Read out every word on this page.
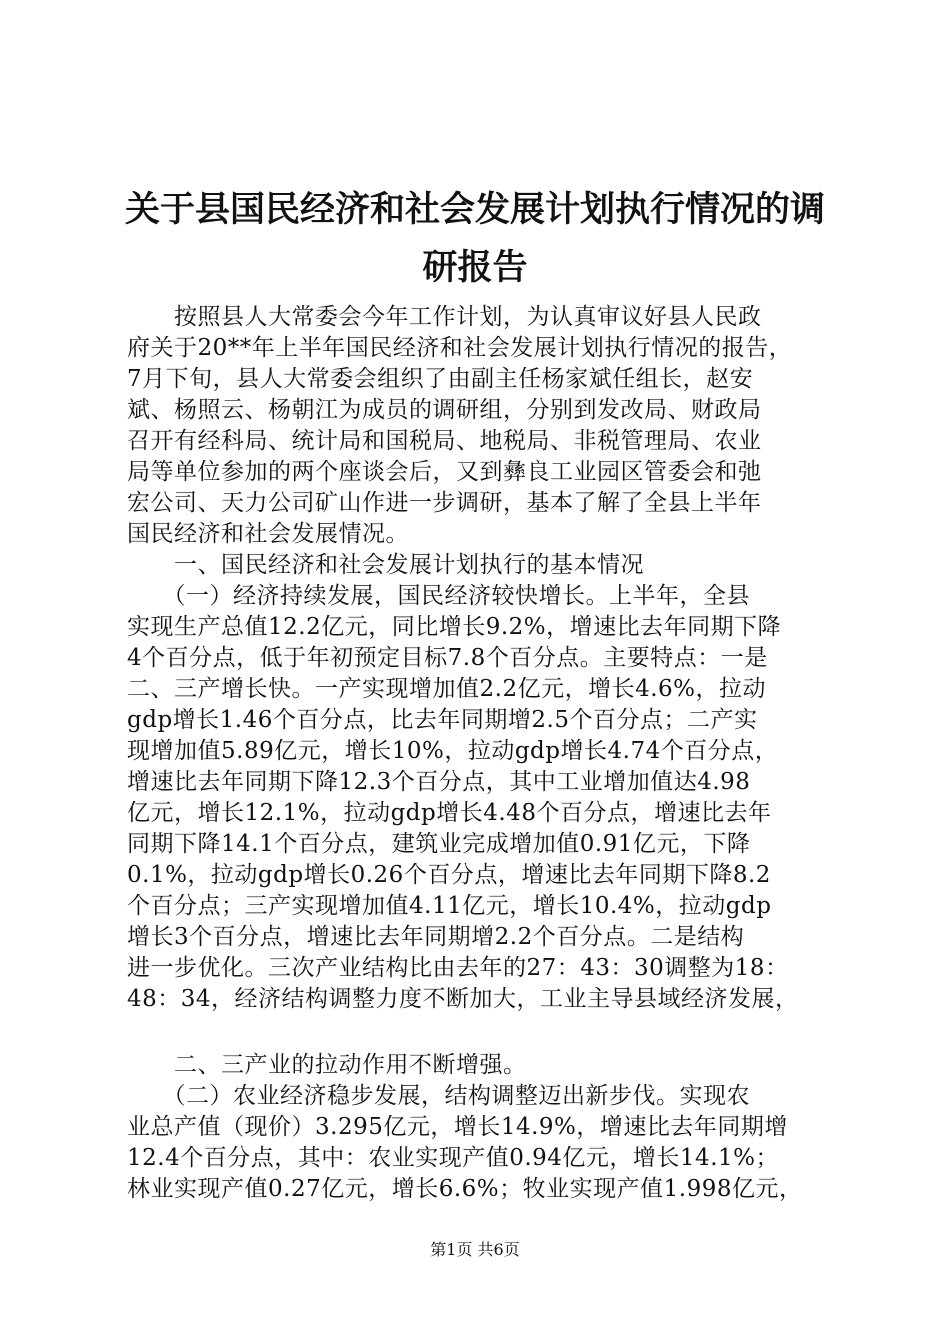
关于县国民经济和社会发展计划执行情况的调
研报告
　　按照县人大常委会今年工作计划，为认真审议好县人民政
府关于20**年上半年国民经济和社会发展计划执行情况的报告，
7月下旬，县人大常委会组织了由副主任杨家斌任组长，赵安
斌、杨照云、杨朝江为成员的调研组，分别到发改局、财政局
召开有经科局、统计局和国税局、地税局、非税管理局、农业
局等单位参加的两个座谈会后，又到彝良工业园区管委会和弛
宏公司、天力公司矿山作进一步调研，基本了解了全县上半年
国民经济和社会发展情况。
　　一、国民经济和社会发展计划执行的基本情况
　　（一）经济持续发展，国民经济较快增长。上半年，全县
实现生产总值12.2亿元，同比增长9.2%，增速比去年同期下降
4个百分点，低于年初预定目标7.8个百分点。主要特点：一是
二、三产增长快。一产实现增加值2.2亿元，增长4.6%，拉动
gdp增长1.46个百分点，比去年同期增2.5个百分点；二产实
现增加值5.89亿元，增长10%，拉动gdp增长4.74个百分点，
增速比去年同期下降12.3个百分点，其中工业增加值达4.98
亿元，增长12.1%，拉动gdp增长4.48个百分点，增速比去年
同期下降14.1个百分点，建筑业完成增加值0.91亿元，下降
0.1%，拉动gdp增长0.26个百分点，增速比去年同期下降8.2
个百分点；三产实现增加值4.11亿元，增长10.4%，拉动gdp
增长3个百分点，增速比去年同期增2.2个百分点。二是结构
进一步优化。三次产业结构比由去年的27：43：30调整为18：
48：34，经济结构调整力度不断加大，工业主导县域经济发展，
　　二、三产业的拉动作用不断增强。
　　（二）农业经济稳步发展，结构调整迈出新步伐。实现农
业总产值（现价）3.295亿元，增长14.9%，增速比去年同期增
12.4个百分点，其中：农业实现产值0.94亿元，增长14.1%；
林业实现产值0.27亿元，增长6.6%；牧业实现产值1.998亿元，
第1页 共6页
